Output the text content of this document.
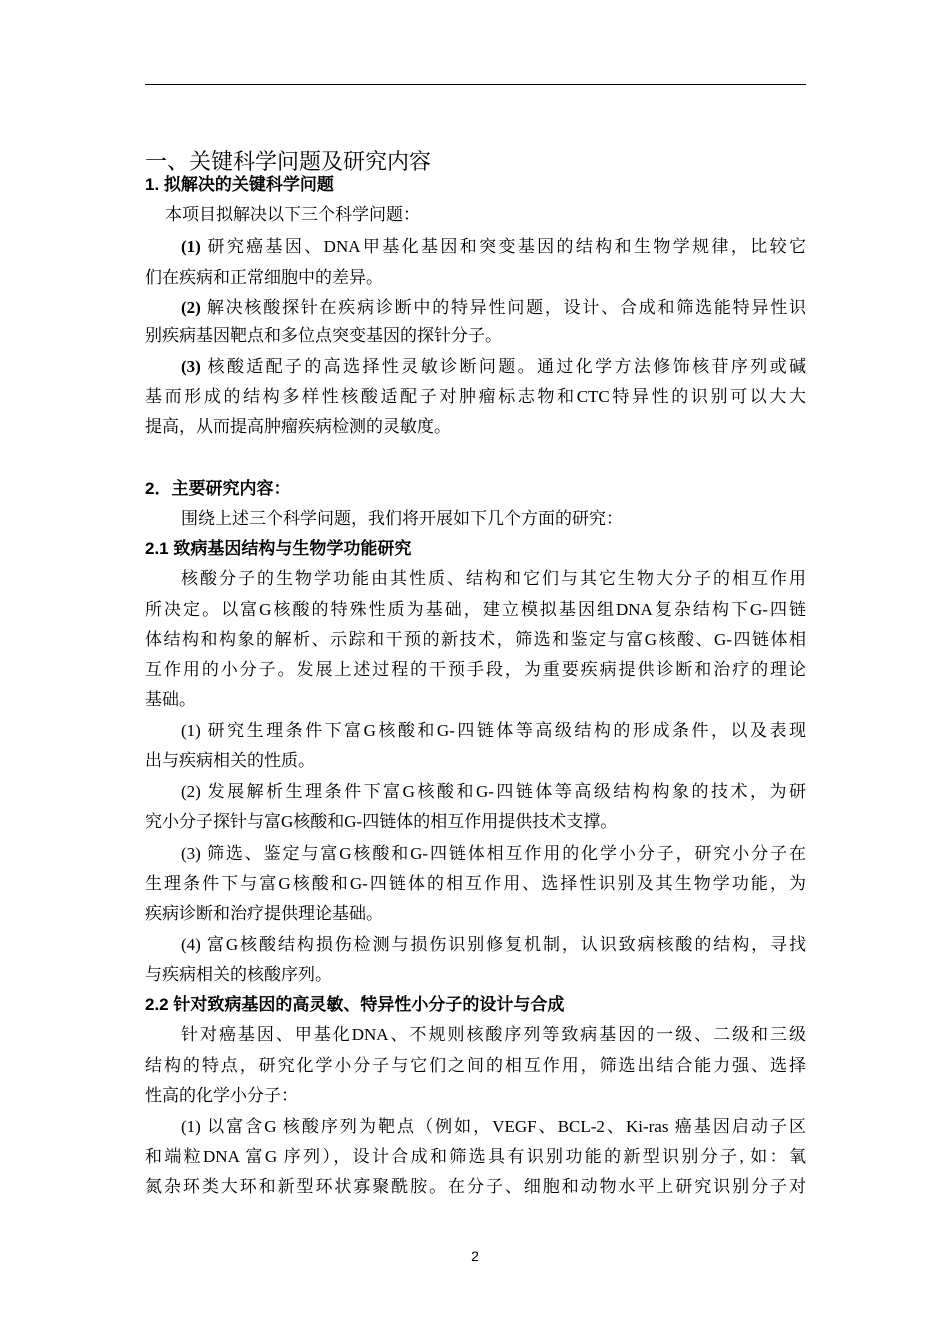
一、关键科学问题及研究内容
1. 拟解决的关键科学问题
本项目拟解决以下三个科学问题：
(1) 研究癌基因、DNA甲基化基因和突变基因的结构和生物学规律，比较它
们在疾病和正常细胞中的差异。
(2) 解决核酸探针在疾病诊断中的特异性问题，设计、合成和筛选能特异性识
别疾病基因靶点和多位点突变基因的探针分子。
(3) 核酸适配子的高选择性灵敏诊断问题。通过化学方法修饰核苷序列或碱
基而形成的结构多样性核酸适配子对肿瘤标志物和CTC特异性的识别可以大大
提高，从而提高肿瘤疾病检测的灵敏度。
2．主要研究内容：
围绕上述三个科学问题，我们将开展如下几个方面的研究：
2.1 致病基因结构与生物学功能研究
核酸分子的生物学功能由其性质、结构和它们与其它生物大分子的相互作用
所决定。以富G核酸的特殊性质为基础，建立模拟基因组DNA复杂结构下G-四链
体结构和构象的解析、示踪和干预的新技术，筛选和鉴定与富G核酸、G-四链体相
互作用的小分子。发展上述过程的干预手段，为重要疾病提供诊断和治疗的理论
基础。
(1) 研究生理条件下富G核酸和G-四链体等高级结构的形成条件，以及表现
出与疾病相关的性质。
(2) 发展解析生理条件下富G核酸和G-四链体等高级结构构象的技术，为研
究小分子探针与富G核酸和G-四链体的相互作用提供技术支撑。
(3) 筛选、鉴定与富G核酸和G-四链体相互作用的化学小分子，研究小分子在
生理条件下与富G核酸和G-四链体的相互作用、选择性识别及其生物学功能，为
疾病诊断和治疗提供理论基础。
(4) 富G核酸结构损伤检测与损伤识别修复机制，认识致病核酸的结构，寻找
与疾病相关的核酸序列。
2.2 针对致病基因的高灵敏、特异性小分子的设计与合成
针对癌基因、甲基化DNA、不规则核酸序列等致病基因的一级、二级和三级
结构的特点，研究化学小分子与它们之间的相互作用，筛选出结合能力强、选择
性高的化学小分子：
(1) 以富含G 核酸序列为靶点（例如，VEGF、BCL-2、Ki-ras 癌基因启动子区
和端粒DNA 富G 序列），设计合成和筛选具有识别功能的新型识别分子, 如：氧
氮杂环类大环和新型环状寡聚酰胺。在分子、细胞和动物水平上研究识别分子对
2
